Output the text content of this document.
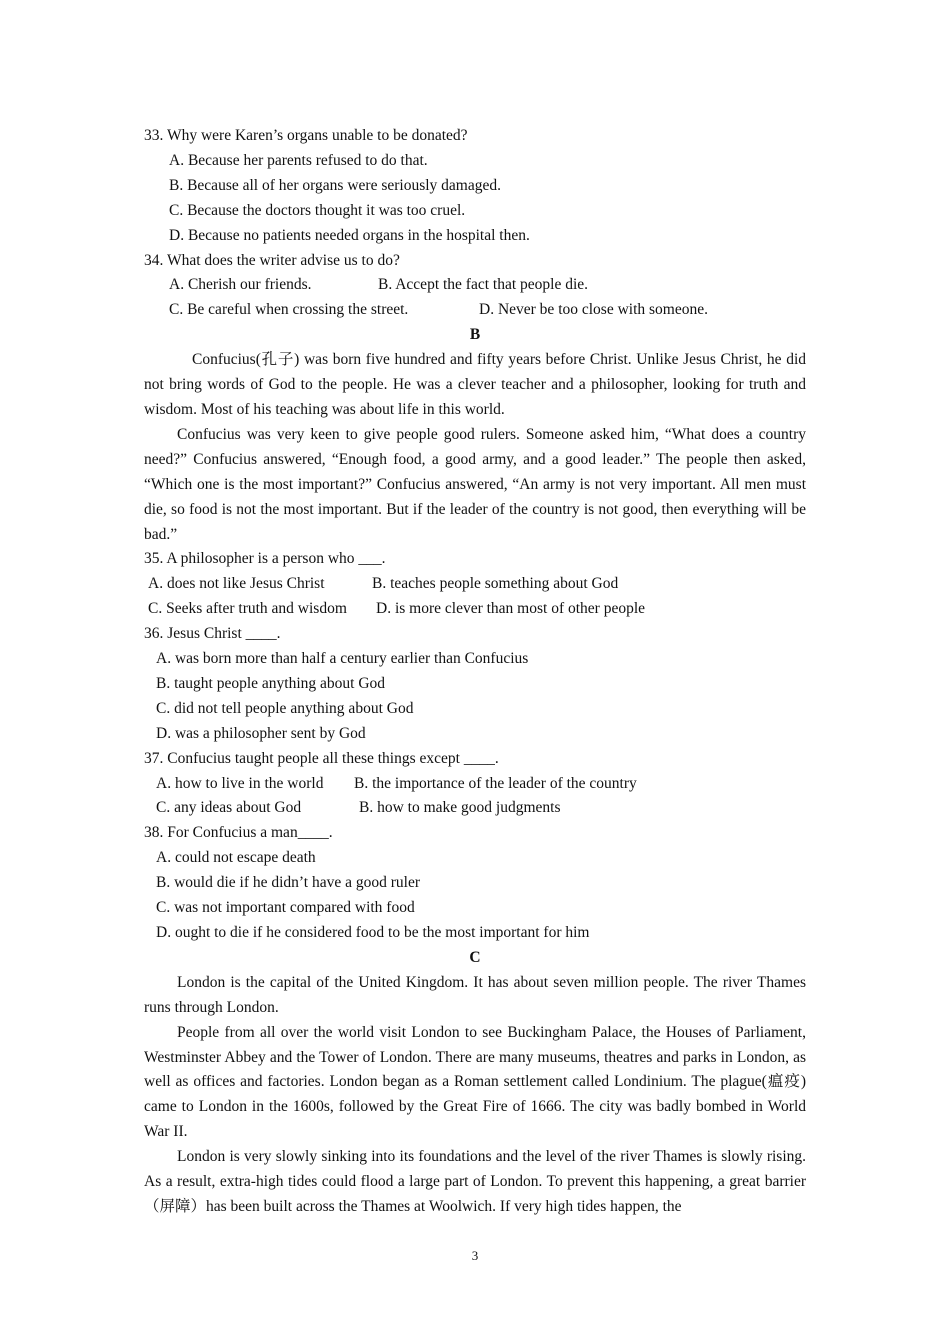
33. Why were Karen’s organs unable to be donated?
A. Because her parents refused to do that.
B. Because all of her organs were seriously damaged.
C. Because the doctors thought it was too cruel.
D. Because no patients needed organs in the hospital then.
34. What does the writer advise us to do?
A. Cherish our friends.	B. Accept the fact that people die.
C. Be careful when crossing the street.	D. Never be too close with someone.
B
Confucius(孔子) was born five hundred and fifty years before Christ. Unlike Jesus Christ, he did not bring words of God to the people. He was a clever teacher and a philosopher, looking for truth and wisdom. Most of his teaching was about life in this world.
Confucius was very keen to give people good rulers. Someone asked him, “What does a country need?” Confucius answered, “Enough food, a good army, and a good leader.” The people then asked, “Which one is the most important?” Confucius answered, “An army is not very important. All men must die, so food is not the most important. But if the leader of the country is not good, then everything will be bad.”
35. A philosopher is a person who ___.
A. does not like Jesus Christ	B. teaches people something about God
C. Seeks after truth and wisdom	D. is more clever than most of other people
36. Jesus Christ ____.
A. was born more than half a century earlier than Confucius
B. taught people anything about God
C. did not tell people anything about God
D. was a philosopher sent by God
37. Confucius taught people all these things except ____.
A. how to live in the world	B. the importance of the leader of the country
C. any ideas about God	B. how to make good judgments
38. For Confucius a man____.
A. could not escape death
B. would die if he didn’t have a good ruler
C. was not important compared with food
D. ought to die if he considered food to be the most important for him
C
London is the capital of the United Kingdom. It has about seven million people. The river Thames runs through London.
People from all over the world visit London to see Buckingham Palace, the Houses of Parliament, Westminster Abbey and the Tower of London. There are many museums, theatres and parks in London, as well as offices and factories. London began as a Roman settlement called Londinium. The plague(瘟疫) came to London in the 1600s, followed by the Great Fire of 1666. The city was badly bombed in World War II.
London is very slowly sinking into its foundations and the level of the river Thames is slowly rising. As a result, extra-high tides could flood a large part of London. To prevent this happening, a great barrier（屏障）has been built across the Thames at Woolwich. If very high tides happen, the
3
